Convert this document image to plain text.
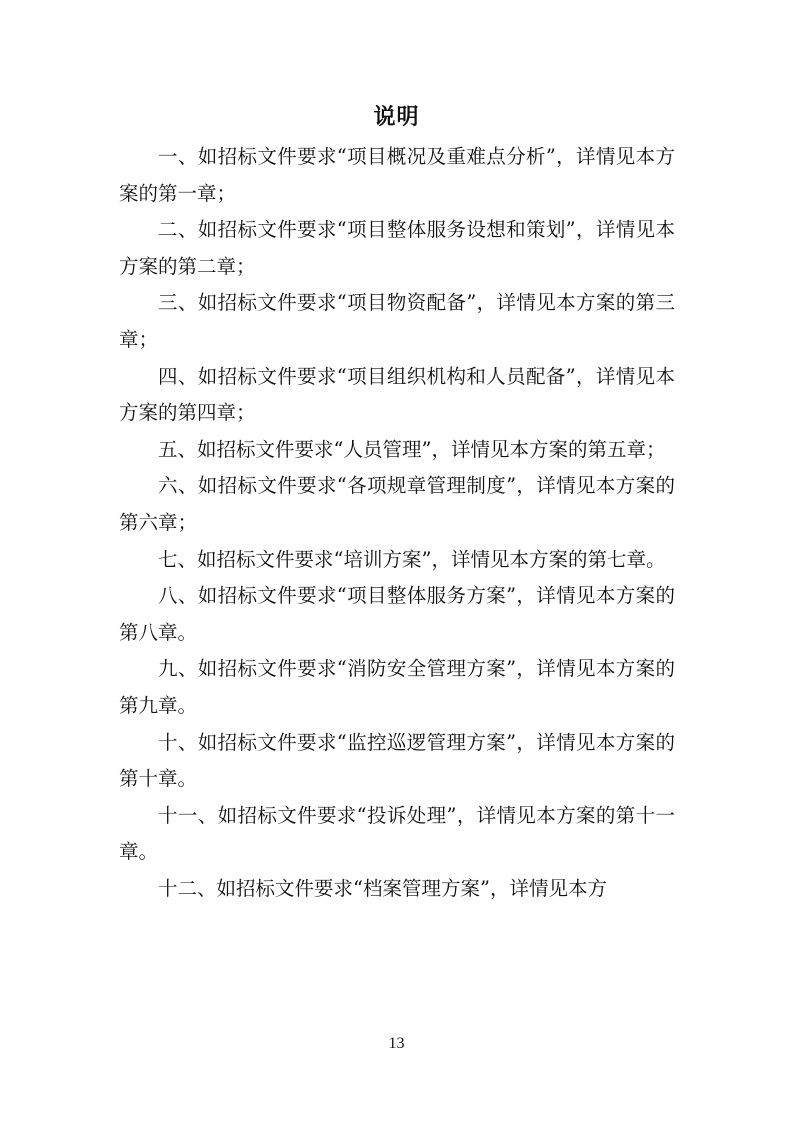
说明

一、如招标文件要求“项目概况及重难点分析”，详情见本方案的第一章；

二、如招标文件要求“项目整体服务设想和策划”，详情见本方案的第二章；

三、如招标文件要求“项目物资配备”，详情见本方案的第三章；

四、如招标文件要求“项目组织机构和人员配备”，详情见本方案的第四章；

五、如招标文件要求“人员管理”，详情见本方案的第五章；

六、如招标文件要求“各项规章管理制度”，详情见本方案的第六章；

七、如招标文件要求“培训方案”，详情见本方案的第七章。

八、如招标文件要求“项目整体服务方案”，详情见本方案的第八章。

九、如招标文件要求“消防安全管理方案”，详情见本方案的第九章。

十、如招标文件要求“监控巡逻管理方案”，详情见本方案的第十章。

十一、如招标文件要求“投诉处理”，详情见本方案的第十一章。

十二、如招标文件要求“档案管理方案”，详情见本方

13
